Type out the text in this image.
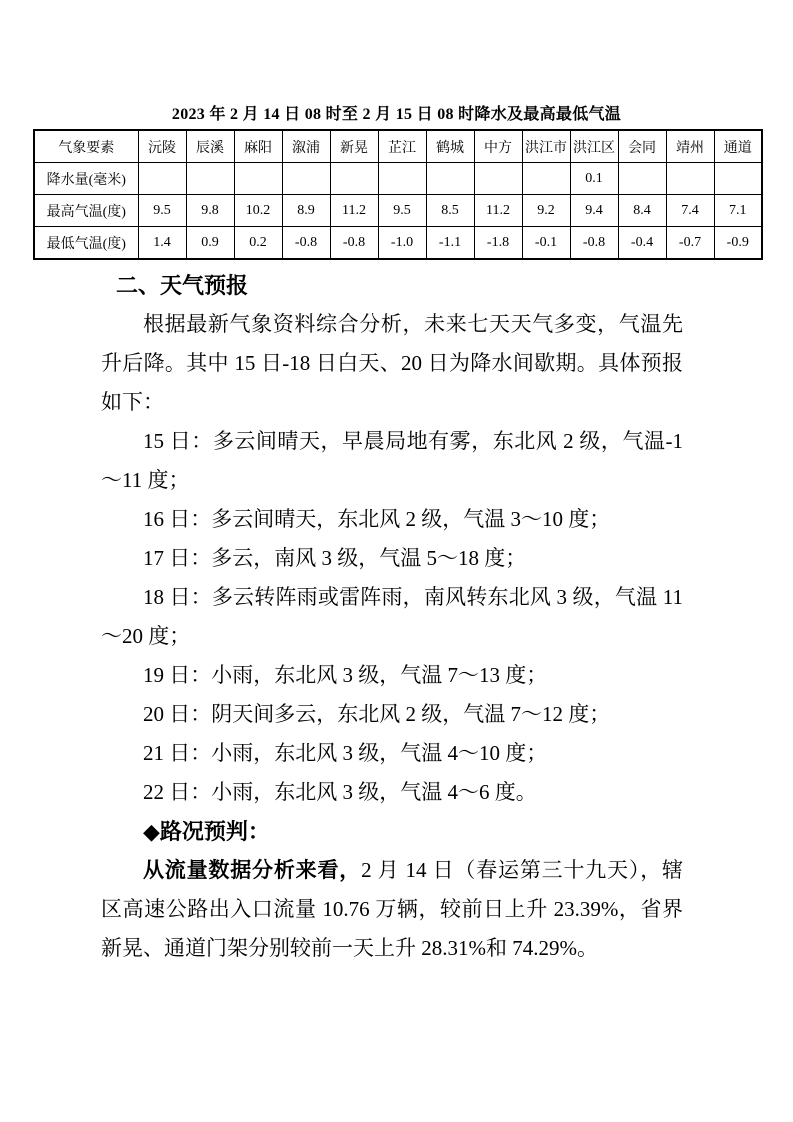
2023 年 2 月 14 日 08 时至 2 月 15 日 08 时降水及最高最低气温
气象要素	沅陵	辰溪	麻阳	溆浦	新晃	芷江	鹤城	中方	洪江市	洪江区	会同	靖州	通道
降水量(毫米)										0.1			
最高气温(度)	9.5	9.8	10.2	8.9	11.2	9.5	8.5	11.2	9.2	9.4	8.4	7.4	7.1
最低气温(度)	1.4	0.9	0.2	-0.8	-0.8	-1.0	-1.1	-1.8	-0.1	-0.8	-0.4	-0.7	-0.9
二、天气预报

根据最新气象资料综合分析，未来七天天气多变，气温先升后降。其中 15 日-18 日白天、20 日为降水间歇期。具体预报如下：

15 日：多云间晴天，早晨局地有雾，东北风 2 级，气温-1～11 度；

16 日：多云间晴天，东北风 2 级，气温 3～10 度；

17 日：多云，南风 3 级，气温 5～18 度；

18 日：多云转阵雨或雷阵雨，南风转东北风 3 级，气温 11～20 度；

19 日：小雨，东北风 3 级，气温 7～13 度；

20 日：阴天间多云，东北风 2 级，气温 7～12 度；

21 日：小雨，东北风 3 级，气温 4～10 度；

22 日：小雨，东北风 3 级，气温 4～6 度。

◆路况预判：

从流量数据分析来看，2 月 14 日（春运第三十九天），辖区高速公路出入口流量 10.76 万辆，较前日上升 23.39%，省界新晃、通道门架分别较前一天上升 28.31%和 74.29%。
